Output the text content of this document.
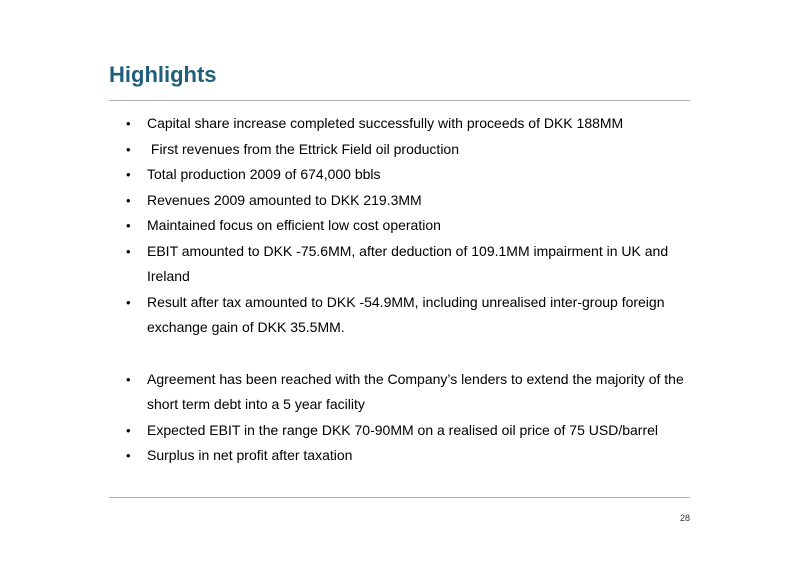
Highlights
• Capital share increase completed successfully with proceeds of DKK 188MM
• First revenues from the Ettrick Field oil production
• Total production 2009 of 674,000 bbls
• Revenues 2009 amounted to DKK 219.3MM
• Maintained focus on efficient low cost operation
• EBIT amounted to DKK -75.6MM, after deduction of 109.1MM impairment in UK and Ireland
• Result after tax amounted to DKK -54.9MM, including unrealised inter-group foreign exchange gain of DKK 35.5MM.
• Agreement has been reached with the Company’s lenders to extend the majority of the short term debt into a 5 year facility
• Expected EBIT in the range DKK 70-90MM on a realised oil price of 75 USD/barrel
• Surplus in net profit after taxation
28
